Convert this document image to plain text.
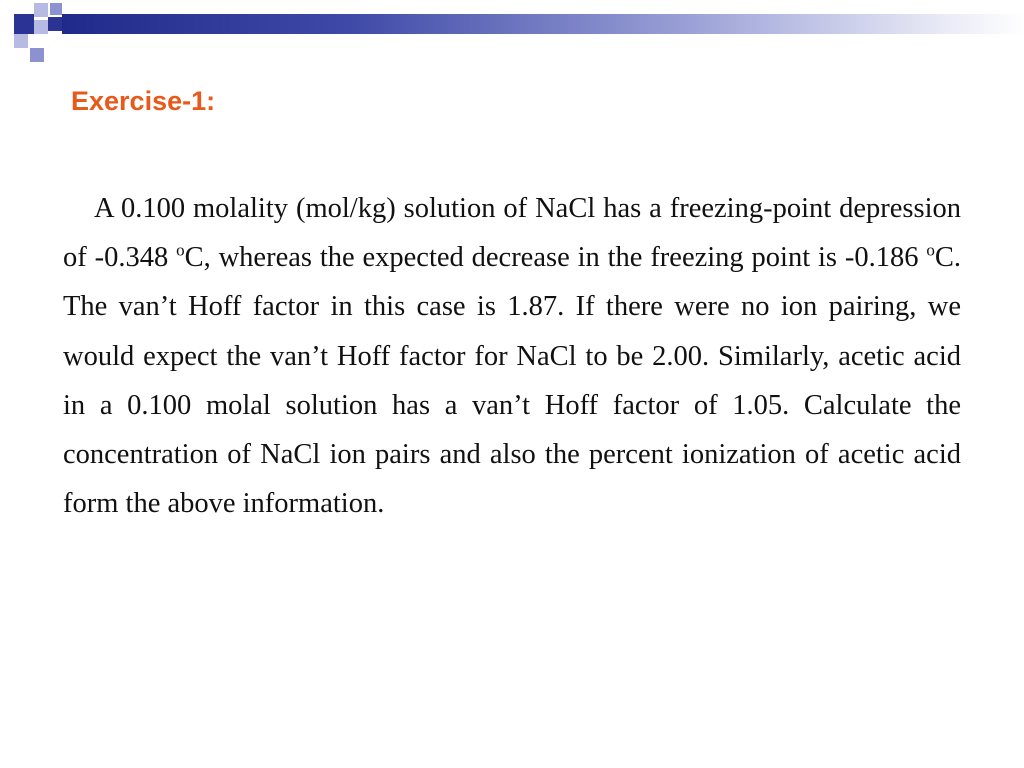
Exercise-1:

A 0.100 molality (mol/kg) solution of NaCl has a freezing-point depression of -0.348 $^o$C, whereas the expected decrease in the freezing point is -0.186 $^o$C. The van’t Hoff factor in this case is 1.87. If there were no ion pairing, we would expect the van’t Hoff factor for NaCl to be 2.00. Similarly, acetic acid in a 0.100 molal solution has a van’t Hoff factor of 1.05. Calculate the concentration of NaCl ion pairs and also the percent ionization of acetic acid form the above information.
